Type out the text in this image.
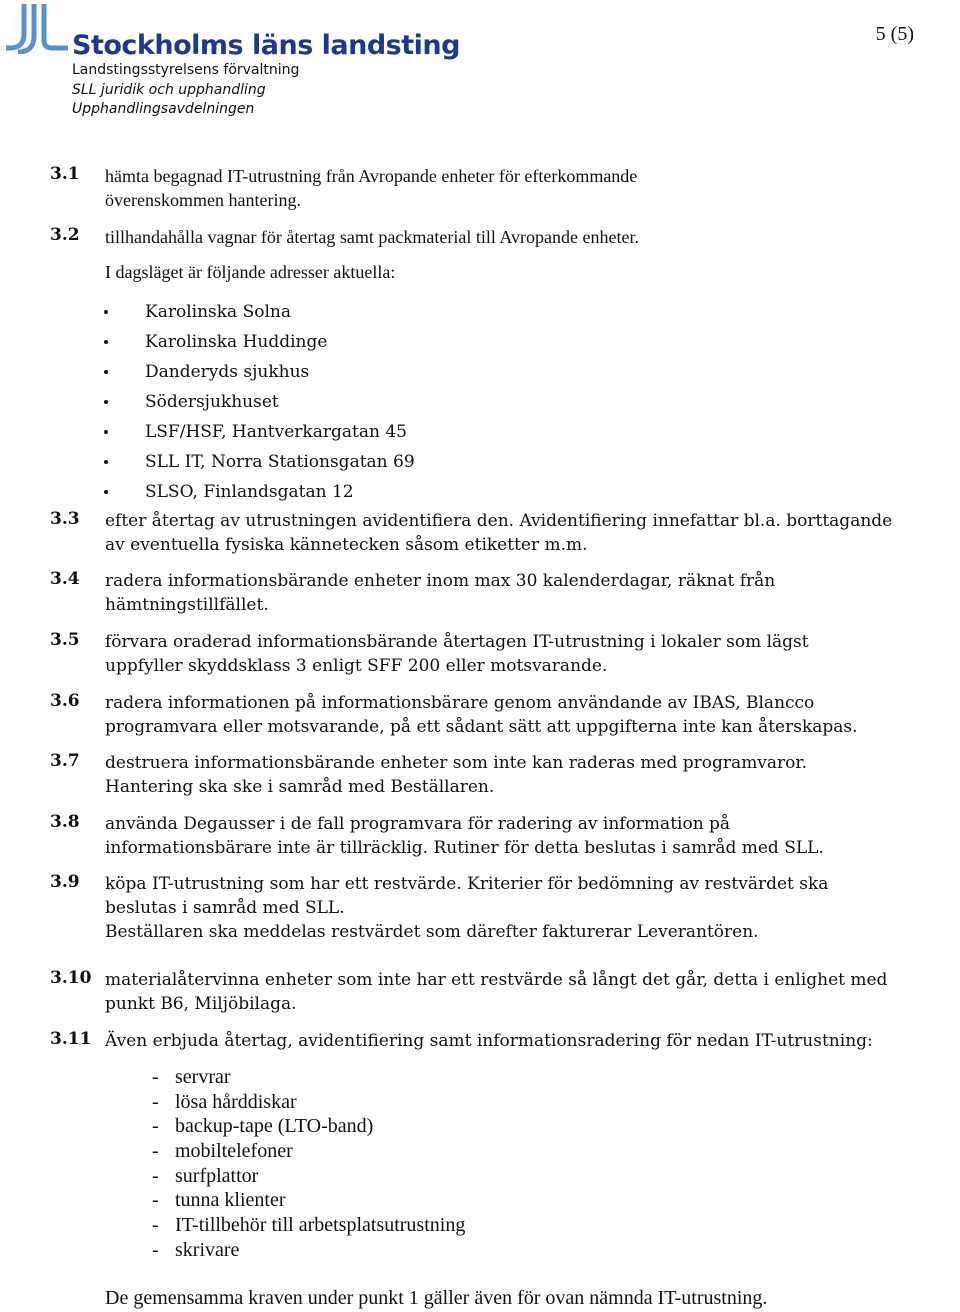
Stockholms läns landsting
Landstingsstyrelsens förvaltning
SLL juridik och upphandling
Upphandlingsavdelningen
5 (5)
3.1 hämta begagnad IT-utrustning från Avropande enheter för efterkommande
överenskommen hantering.
3.2 tillhandahålla vagnar för återtag samt packmaterial till Avropande enheter.
I dagsläget är följande adresser aktuella:
Karolinska Solna
Karolinska Huddinge
Danderyds sjukhus
Södersjukhuset
LSF/HSF, Hantverkargatan 45
SLL IT, Norra Stationsgatan 69
SLSO, Finlandsgatan 12
3.3 efter återtag av utrustningen avidentifiera den. Avidentifiering innefattar bl.a. borttagande
av eventuella fysiska kännetecken såsom etiketter m.m.
3.4 radera informationsbärande enheter inom max 30 kalenderdagar, räknat från
hämtningstillfället.
3.5 förvara oraderad informationsbärande återtagen IT-utrustning i lokaler som lägst
uppfyller skyddsklass 3 enligt SFF 200 eller motsvarande.
3.6 radera informationen på informationsbärare genom användande av IBAS, Blancco
programvara eller motsvarande, på ett sådant sätt att uppgifterna inte kan återskapas.
3.7 destruera informationsbärande enheter som inte kan raderas med programvaror.
Hantering ska ske i samråd med Beställaren.
3.8 använda Degausser i de fall programvara för radering av information på
informationsbärare inte är tillräcklig. Rutiner för detta beslutas i samråd med SLL.
3.9 köpa IT-utrustning som har ett restvärde. Kriterier för bedömning av restvärdet ska
beslutas i samråd med SLL.
Beställaren ska meddelas restvärdet som därefter fakturerar Leverantören.
3.10 materialåtervinna enheter som inte har ett restvärde så långt det går, detta i enlighet med
punkt B6, Miljöbilaga.
3.11 Även erbjuda återtag, avidentifiering samt informationsradering för nedan IT-utrustning:
- servrar
- lösa hårddiskar
- backup-tape (LTO-band)
- mobiltelefoner
- surfplattor
- tunna klienter
- IT-tillbehör till arbetsplatsutrustning
- skrivare
De gemensamma kraven under punkt 1 gäller även för ovan nämnda IT-utrustning.
